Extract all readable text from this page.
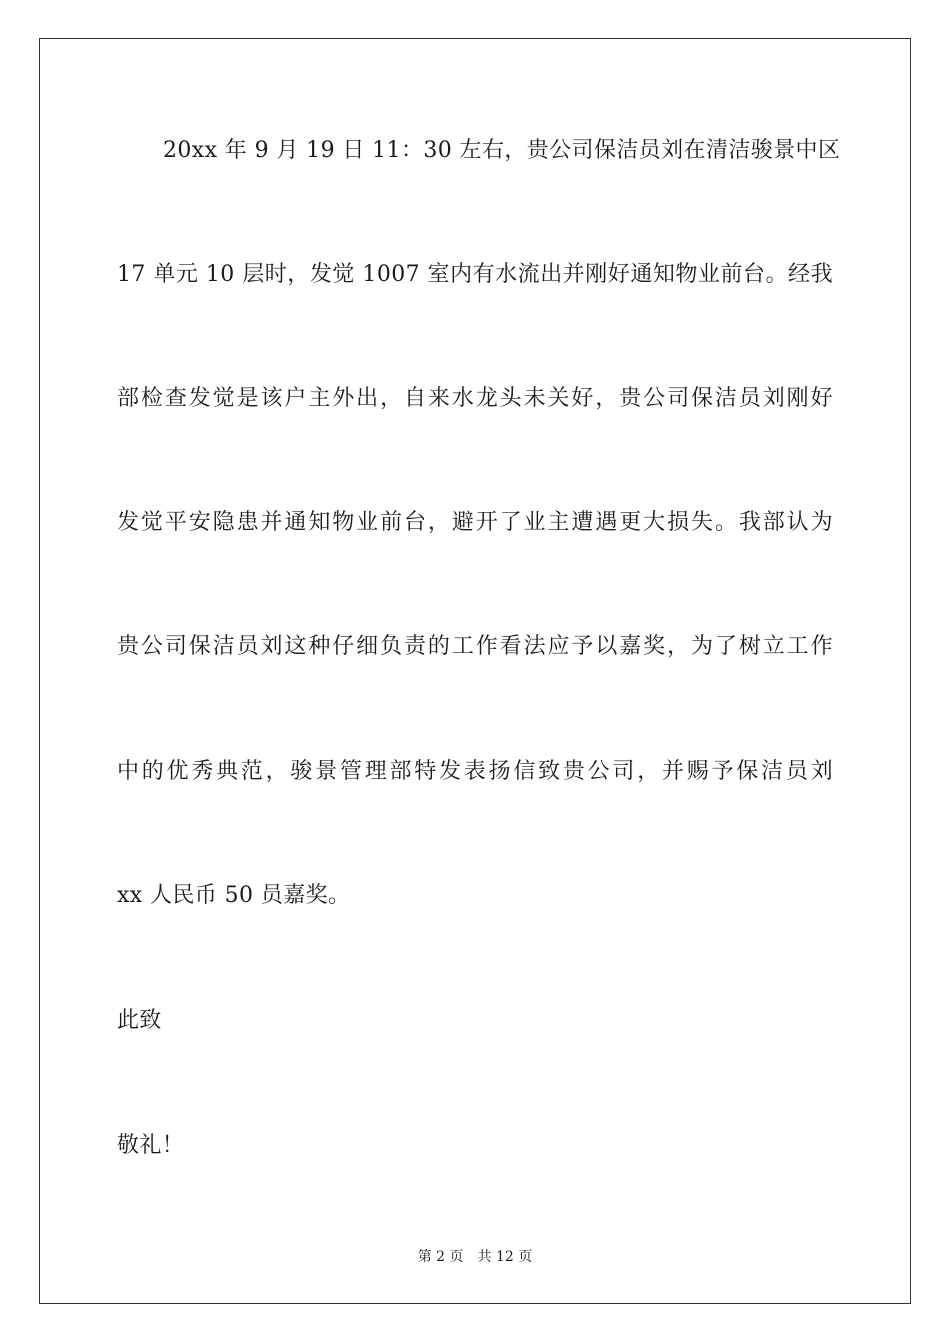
20xx 年 9 月 19 日 11：30 左右，贵公司保洁员刘在清洁骏景中区
17 单元 10 层时，发觉 1007 室内有水流出并刚好通知物业前台。经我
部检查发觉是该户主外出，自来水龙头未关好，贵公司保洁员刘刚好
发觉平安隐患并通知物业前台，避开了业主遭遇更大损失。我部认为
贵公司保洁员刘这种仔细负责的工作看法应予以嘉奖，为了树立工作
中的优秀典范，骏景管理部特发表扬信致贵公司，并赐予保洁员刘
xx 人民币 50 员嘉奖。
此致
敬礼！
第 2 页 共 12 页
